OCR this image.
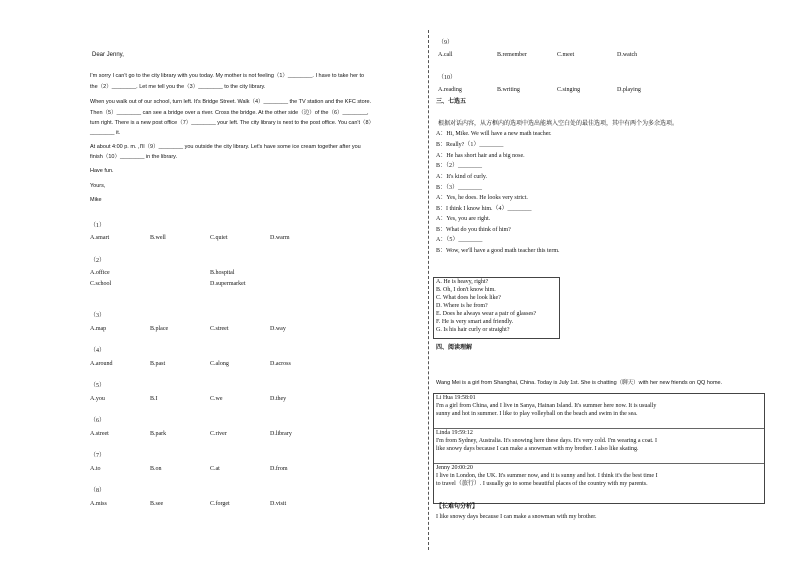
Dear Jenny,
I'm sorry I can't go to the city library with you today. My mother is not feeling（1）________. I have to take her to
the（2）________. Let me tell you the（3）________ to the city library.
When you walk out of our school, turn left. It's Bridge Street. Walk（4）________ the TV station and the KFC store.
Then（5）________ can see a bridge over a river. Cross the bridge. At the other side（边）of the（6）________,
turn right. There is a new post office（7）________ your left. The city library is next to the post office. You can't（8）
________ it.
At about 4:00 p. m. ,I'll（9）________ you outside the city library. Let's have some ice cream together after you
finish（10）________ in the library.
Have fun.
Yours,
Mike
（1）
A.smart	B.well	C.quiet	D.warm
（2）
A.office	B.hospital
C.school	D.supermarket
（3）
A.map	B.place	C.street	D.way
（4）
A.around	B.past	C.along	D.across
（5）
A.you	B.I	C.we	D.they
（6）
A.street	B.park	C.river	D.library
（7）
A.to	B.on	C.at	D.from
（8）
A.miss	B.see	C.forget	D.visit
（9）
A.call	B.remember	C.meet	D.watch
（10）
A.reading	B.writing	C.singing	D.playing
三、七选五
根据对话内容，从方框内的选项中选出能填入空白处的最佳选项，其中有两个为多余选项。
A：Hi, Mike. We will have a new math teacher.
B：Really?（1）________
A：He has short hair and a big nose.
B：（2）________
A：It's kind of curly.
B：（3）________
A：Yes, he does. He looks very strict.
B：I think I know him.（4）________
A：Yes, you are right.
B：What do you think of him?
A：（5）________
B：Wow, we'll have a good math teacher this term.
A. He is heavy, right?
B. Oh, I don't know him.
C. What does he look like?
D. Where is he from?
E. Does he always wear a pair of glasses?
F. He is very smart and friendly.
G. Is his hair curly or straight?
四、阅读理解
Wang Mei is a girl from Shanghai, China. Today is July 1st. She is chatting（聊天）with her new friends on QQ home.
Li Hua 19:58:01
I'm a girl from China, and I live in Sanya, Hainan Island. It's summer here now. It is usually
sunny and hot in summer. I like to play volleyball on the beach and swim in the sea.
Linda 19:59:12
I'm from Sydney, Australia. It's snowing here these days. It's very cold. I'm wearing a coat. I
like snowy days because I can make a snowman with my brother. I also like skating.
Jenny 20:00:20
I live in London, the UK. It's summer now, and it is sunny and hot. I think it's the best time I
to travel（旅行）. I usually go to some beautiful places of the country with my parents.
【长难句分析】
I like snowy days because I can make a snowman with my brother.
